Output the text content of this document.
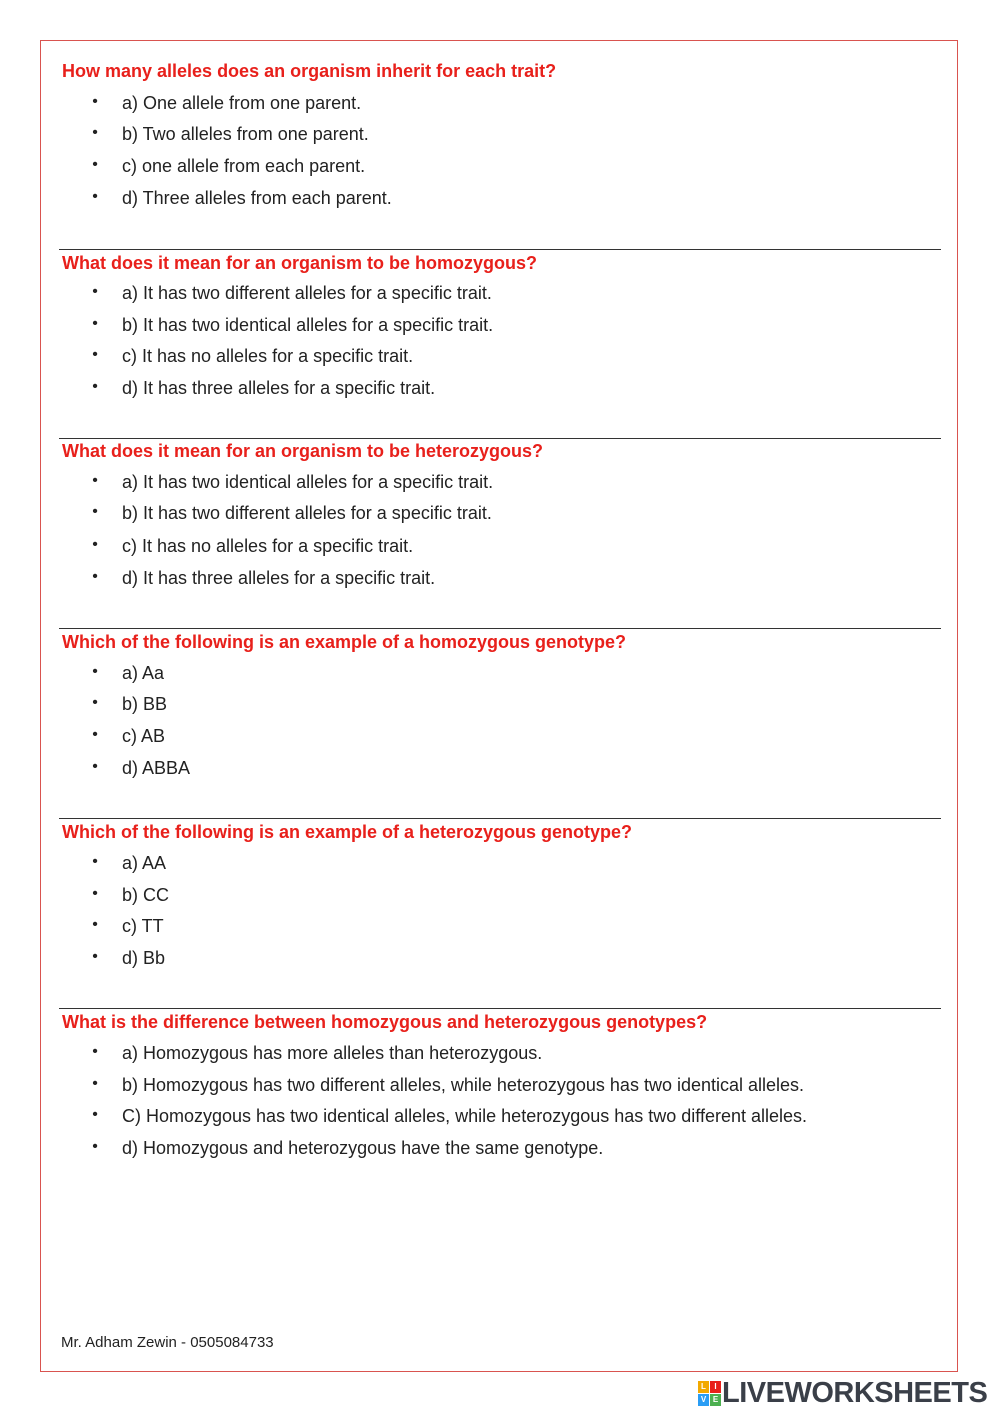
How many alleles does an organism inherit for each trait?
• a) One allele from one parent.
• b) Two alleles from one parent.
• c) one allele from each parent.
• d) Three alleles from each parent.
What does it mean for an organism to be homozygous?
• a) It has two different alleles for a specific trait.
• b) It has two identical alleles for a specific trait.
• c) It has no alleles for a specific trait.
• d) It has three alleles for a specific trait.
What does it mean for an organism to be heterozygous?
• a) It has two identical alleles for a specific trait.
• b) It has two different alleles for a specific trait.
• c) It has no alleles for a specific trait.
• d) It has three alleles for a specific trait.
Which of the following is an example of a homozygous genotype?
• a) Aa
• b) BB
• c) AB
• d) ABBA
Which of the following is an example of a heterozygous genotype?
• a) AA
• b) CC
• c) TT
• d) Bb
What is the difference between homozygous and heterozygous genotypes?
• a) Homozygous has more alleles than heterozygous.
• b) Homozygous has two different alleles, while heterozygous has two identical alleles.
• C) Homozygous has two identical alleles, while heterozygous has two different alleles.
• d) Homozygous and heterozygous have the same genotype.
Mr. Adham Zewin - 0505084733
L	I
V E LIVEWORKSHEETS
